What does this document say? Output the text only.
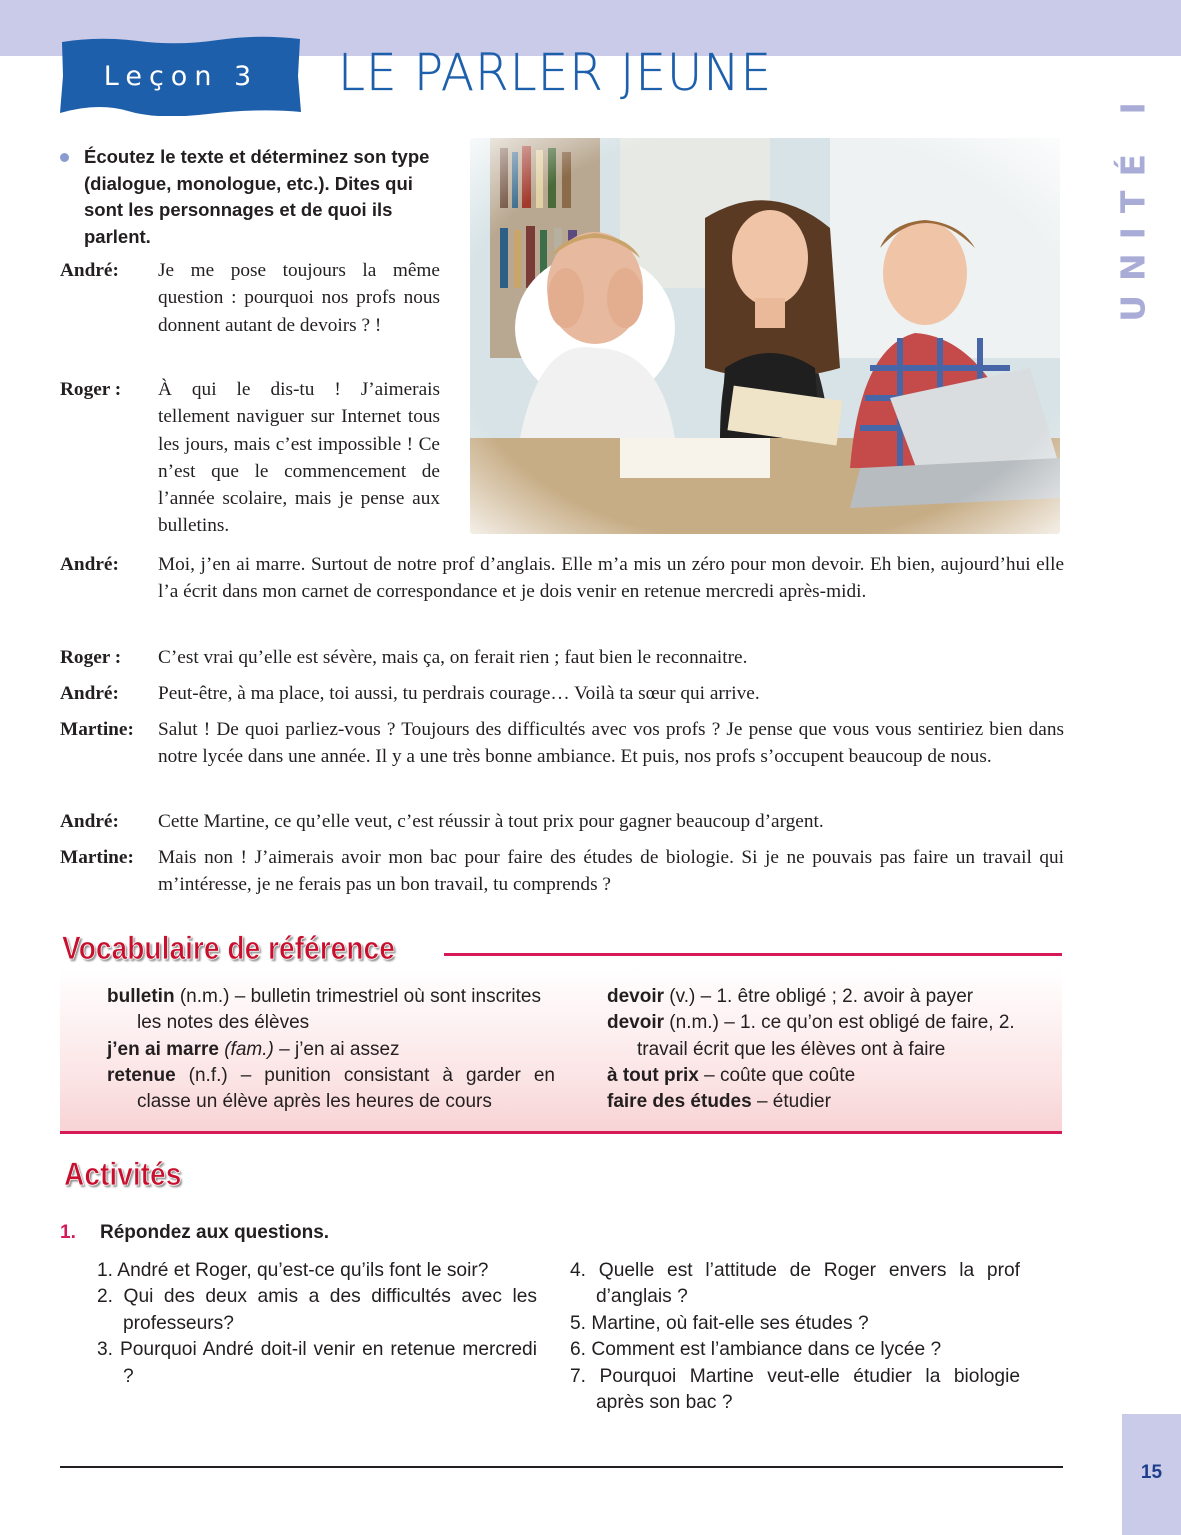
Leçon 3	LE PARLER JEUNE
UNITÉ I

Écoutez le texte et déterminez son type (dialogue, monologue, etc.). Dites qui sont les personnages et de quoi ils parlent.

André: Je me pose toujours la même question : pourquoi nos profs nous donnent autant de devoirs ? !

Roger : À qui le dis-tu ! J’aimerais tellement naviguer sur Internet tous les jours, mais c’est impossible ! Ce n’est que le commencement de l’année scolaire, mais je pense aux bulletins.

André: Moi, j’en ai marre. Surtout de notre prof d’anglais. Elle m’a mis un zéro pour mon devoir. Eh bien, aujourd’hui elle l’a écrit dans mon carnet de correspondance et je dois venir en retenue mercredi après-midi.

Roger : C’est vrai qu’elle est sévère, mais ça, on ferait rien ; faut bien le reconnaitre.

André: Peut-être, à ma place, toi aussi, tu perdrais courage… Voilà ta sœur qui arrive.

Martine: Salut ! De quoi parliez-vous ? Toujours des difficultés avec vos profs ? Je pense que vous vous sentiriez bien dans notre lycée dans une année. Il y a une très bonne ambiance. Et puis, nos profs s’occupent beaucoup de nous.

André: Cette Martine, ce qu’elle veut, c’est réussir à tout prix pour gagner beaucoup d’argent.

Martine: Mais non ! J’aimerais avoir mon bac pour faire des études de biologie. Si je ne pouvais pas faire un travail qui m’intéresse, je ne ferais pas un bon travail, tu comprends ?

Vocabulaire de référence

bulletin (n.m.) – bulletin trimestriel où sont inscrites les notes des élèves

j’en ai marre (fam.) – j’en ai assez

retenue (n.f.) – punition consistant à garder en classe un élève après les heures de cours

devoir (v.) – 1. être obligé ; 2. avoir à payer

devoir (n.m.) – 1. ce qu’on est obligé de faire, 2. travail écrit que les élèves ont à faire

à tout prix – coûte que coûte

faire des études – étudier

Activités
1. Répondez aux questions.

1. André et Roger, qu’est-ce qu’ils font le soir?

2. Qui des deux amis a des difficultés avec les professeurs?

3. Pourquoi André doit-il venir en retenue mercredi ?

4. Quelle est l’attitude de Roger envers la prof d’anglais ?

5. Martine, où fait-elle ses études ?

6. Comment est l’ambiance dans ce lycée ?

7. Pourquoi Martine veut-elle étudier la biologie après son bac ?

15
